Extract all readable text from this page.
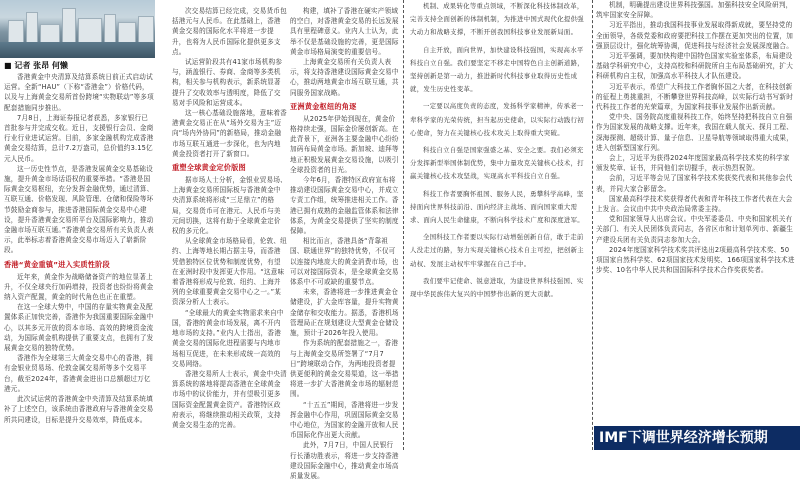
■ 记者 张昂 何懒

香港黄金中央清算及结算系统日前正式启动试运营。全新“HAU”（下称“香港金”）价格代码，以及与上海黄金交易所首份跨境“实物联动”等多项配套措施同步推出。

7月8日，上海证券报记者获悉，多家银行已首批参与并完成交收。近日，支援银行会员、金商行业行业进试运营。目前，多家金融机构完成香港黄金交易结算，总计7.2万盎司，总价值约3.15亿元人民币。

这一历史性节点，是香港发展黄金交易基础设施，提升黄金市场话语权的重要举措。“香港是国际黄金交易枢纽，充分发挥金融优势，通过清算、互联互通、价格发现、风险管理、仓储和保险等环节鼓励金商参与，推进香港国际黄金交易中心建设，提升香港黄金交易所平台及国际影响力，推动金融市场互联互通。”香港黄金交易所有关负责人表示，此举标志着香港黄金交易市场迈入了崭新阶段。

香港“黄金重镇”进入实质性阶段

近年来，黄金作为战略储备资产的地位显著上升，不仅全球央行加码增持，投资者也纷纷将黄金纳入资产配置，黄金的时代角色也正在重塑。

在这一全球大势中，中国的存量实物黄金及配置体系正加快完善，香港作为我国重要国际金融中心，以其多元开放的资本市场、高效的跨境资金流动，为国际黄金机构提供了重要支点，也拥有了发展黄金交易的独特优势。

香港作为全球第三大黄金交易中心的香港，拥有金银业贸易场、伦敦金属交易所等多个交易平台，截至2024年，香港黄金进出口总额超过万亿港元。

此次试运营的香港黄金中央清算及结算系统填补了上述空白，该系统由香港政府与香港黄金交易所共同建设，目标是提升交易效率，降低成本。

次交易结算已经完成，交易货币包括港元与人民币。在此基础上，香港黄金交易的国际化水平将进一步提升，也将为人民币国际化提供更多支点。

试运营阶段共有41家市场机构参与，涵盖银行、券商、金商等多类机构，相关参与机构表示，新系统显著提升了交收效率与透明度，降低了交易对手风险和运营成本。

这一核心基础设施落地，意味着香港黄金交易正在从“场外交易为主”迈向“场内外协同”的新格局，推动金融市场互联互通进一步深化，也为内地黄金投资者打开了新窗口。

重塑全球黄金定价版图

据市场人士分析，金银业贸易场、上海黄金交易所国际板与香港黄金中央清算系统将形成“三足鼎立”的格局，交易货币可在港元、人民币与美元间切换，这将有助于全球黄金定价权的多元化。

从全球黄金市场格局看，伦敦、纽约、上海等地长期占据主导，而香港凭借独特区位优势和制度优势，有望在亚洲时段中发挥更大作用。“这意味着香港将形成与伦敦、纽约、上海并列的全球重要黄金交易中心之一。”某资深分析人士表示。

“全球最大的黄金实物需求来自中国，香港的黄金市场发展，离不开内地市场的支持。”业内人士指出，香港黄金交易的国际化进程需要与内地市场相互促进，在未来形成统一高效的交易网络。

香港交易所人士表示，黄金中央清算系统的落地将提高香港在全球黄金市场中的议价能力，并有望吸引更多国际资金配置黄金资产。香港特区政府表示，将继续推动相关政策，支持黄金交易生态的完善。

构建，填补了香港在硬实产领域的空白，对香港黄金交易的长远发展具有里程碑意义。业内人士认为，此举不仅是基础设施的完善，更是国际黄金市场格局演变的重要信号。

上海黄金交易所有关负责人表示，将支持香港建设国际黄金交易中心，推动两地黄金市场互联互通，共同服务国家战略。

亚洲黄金枢纽的角逐

从2025年伊始到现在，黄金价格持续走强，国际金价屡创新高。在此背景下，亚洲各主要金融中心纷纷加码布局黄金市场。新加坡、迪拜等地正积极发展黄金交易设施，以吸引全球投资者的目光。

今年6月，香港特区政府宣布将推动建设国际黄金交易中心，并成立专责工作组，统筹推进相关工作。香港已拥有成熟的金融监管体系和法律体系，为黄金交易提供了坚实的制度保障。

相比而言，香港具备“背靠祖国、联通世界”的独特优势，不仅可以连接内地庞大的黄金消费市场，也可以对接国际资本，是全球黄金交易体系中不可或缺的重要节点。

未来，香港将进一步推进黄金仓储建设，扩大金库容量，提升实物黄金储存和交收能力。据悉，香港机场管理局正在规划建设大型黄金仓储设施，预计于2026年投入使用。

作为系统的配套措施之一，香港与上海黄金交易所签署了“7月7日”跨境联动合作，为两地投资者提供更便利的黄金交易渠道，这一举措将进一步扩大香港黄金市场的辐射范围。

“十五五”期间，香港将进一步发挥金融中心作用，巩固国际黄金交易中心地位，为国家的金融开放和人民币国际化作出更大贡献。

此外，7月7日，中国人民银行行长潘功胜表示，将进一步支持香港建设国际金融中心，推动黄金市场高质量发展。

机制、成果转化等重点领域，不断深化科技体制改革，完善支持全面创新的体制机制，为推进中国式现代化提供强大动力和战略支撑，不断开创我国科技事业发展新局面。

自主开放，面向世界，加快建设科技强国，实现高水平科技自立自强。我们要坚定不移走中国特色自主创新道路，坚持创新是第一动力，推进新时代科技事业取得历史性成就，发生历史性变革。

一定要以高度负责的态度，发扬科学家精神，传承老一辈科学家的光荣传统，担当起历史使命，以实际行动践行初心使命，努力在关键核心技术攻关上取得重大突破。

科技自立自强是国家强盛之基、安全之要。我们必须充分发挥新型举国体制优势，集中力量攻克关键核心技术，打赢关键核心技术攻坚战，实现高水平科技自立自强。

科技工作者要胸怀祖国、服务人民，勇攀科学高峰，坚持面向世界科技前沿、面向经济主战场、面向国家重大需求、面向人民生命健康，不断向科学技术广度和深度进军。

全国科技工作者要以实际行动增强创新自信，敢于走前人没走过的路，努力实现关键核心技术自主可控，把创新主动权、发展主动权牢牢掌握在自己手中。

我们要牢记使命、锐意进取，为建设世界科技强国、实现中华民族伟大复兴的中国梦作出新的更大贡献。

机制，明确提出建设世界科技强国。加强科技安全风险研判，筑牢国家安全屏障。

习近平指出，推动我国科技事业发展取得新成就，要坚持党的全面领导，各级党委和政府要把科技工作摆在更加突出的位置，加强顶层设计，强化统筹协调，促进科技与经济社会发展深度融合。

习近平强调，要加快构建中国特色国家实验室体系，布局建设基础学科研究中心，支持高校和科研院所自主布局基础研究，扩大科研机构自主权，加强高水平科技人才队伍建设。

习近平表示，希望广大科技工作者胸怀国之大者，在科技创新的征程上勇挑重担，不断攀登世界科技高峰，以实际行动书写新时代科技工作者的光荣篇章，为国家科技事业发展作出新贡献。

党中央、国务院高度重视科技工作，始终坚持把科技自立自强作为国家发展的战略支撑。近年来，我国在载人航天、探月工程、深海探测、超级计算、量子信息、卫星导航等领域取得重大成果，进入创新型国家行列。

会上，习近平为获得2024年度国家最高科学技术奖的科学家颁发奖章、证书，并同他们亲切握手，表示热烈祝贺。

会前，习近平等会见了国家科学技术奖获奖代表和其他参会代表，并同大家合影留念。

国家最高科学技术奖获得者代表和青年科技工作者代表在大会上发言。会议由中共中央政治局常委主持。

党和国家领导人出席会议。中央军委委员、中央和国家机关有关部门、有关人民团体负责同志，各省区市和计划单列市、新疆生产建设兵团有关负责同志参加大会。

2024年度国家科学技术奖共评选出2项最高科学技术奖、50项国家自然科学奖、62项国家技术发明奖、166项国家科学技术进步奖、10名中华人民共和国国际科学技术合作奖获奖者。

IMF下调世界经济增长预期
